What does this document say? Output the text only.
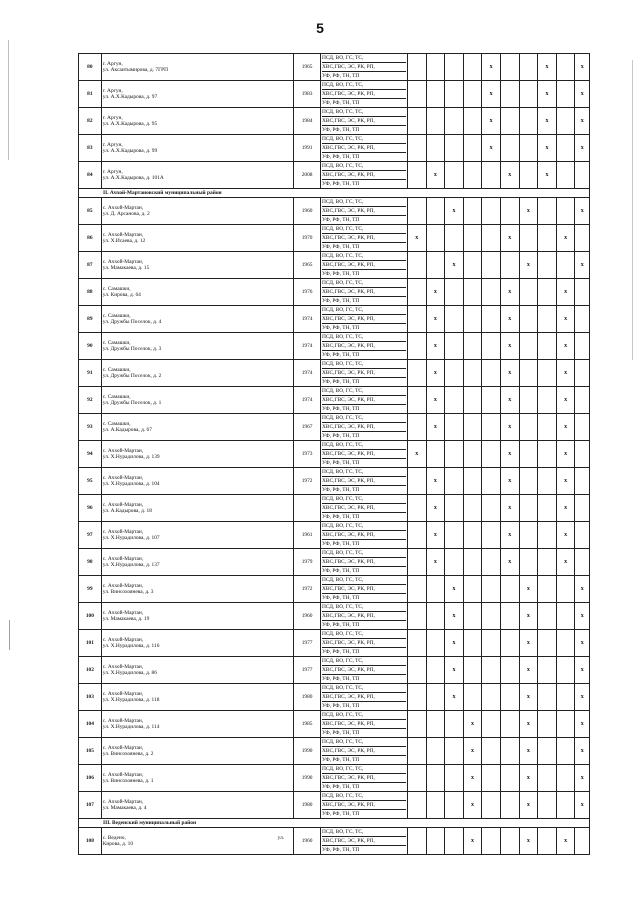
5
80	г. Аргун,
ул. Аксаитымирова, д. 7ГРП	1965	ПСД, ВО, ГС, ТС,
ХВС,ГВС, ЭС, РК, РП,
УФ, РФ, ТН, ТП					x			x		x
81	г. Аргун,
ул. А.Х.Кадырова, д. 97	1983	ПСД, ВО, ГС, ТС,
ХВС,ГВС, ЭС, РК, РП,
УФ, РФ, ТН, ТП					x			x		x
82	г. Аргун,
ул. А.Х.Кадырова, д. 95	1984	ПСД, ВО, ГС, ТС,
ХВС,ГВС, ЭС, РК, РП,
УФ, РФ, ТН, ТП					x			x		x
83	г. Аргун,
ул. А.Х.Кадырова, д. 99	1991	ПСД, ВО, ГС, ТС,
ХВС,ГВС, ЭС, РК, РП,
УФ, РФ, ТН, ТП					x			x		x
84	г. Аргун,
ул. А.Х.Кадырова, д. 101А	2008	ПСД, ВО, ГС, ТС,
ХВС,ГВС, ЭС, РК, РП,
УФ, РФ, ТН, ТП		x				x		x		
II. Ачхой-Мартановский муниципальный район													
85	с. Ачхой-Мартан,
ул. Д. Арсанова, д. 2	1960	ПСД, ВО, ГС, ТС,
ХВС,ГВС, ЭС, РК, РП,
УФ, РФ, ТН, ТП			x				x			x
86	с. Ачхой-Мартан,
ул. Х.Исаева, д. 12	1970	ПСД, ВО, ГС, ТС,
ХВС,ГВС, ЭС, РК, РП,
УФ, РФ, ТН, ТП	x					x			x	
87	с. Ачхой-Мартан,
ул. Мамакаева, д. 15	1965	ПСД, ВО, ГС, ТС,
ХВС,ГВС, ЭС, РК, РП,
УФ, РФ, ТН, ТП			x				x			x
88	с. Самашки,
ул. Кирова, д. 64	1976	ПСД, ВО, ГС, ТС,
ХВС,ГВС, ЭС, РК, РП,
УФ, РФ, ТН, ТП		x				x			x	
89	с. Самашки,
ул. Дружбы Поселок, д. 4	1974	ПСД, ВО, ГС, ТС,
ХВС,ГВС, ЭС, РК, РП,
УФ, РФ, ТН, ТП		x				x			x	
90	с. Самашки,
ул. Дружбы Поселок, д. 3	1974	ПСД, ВО, ГС, ТС,
ХВС,ГВС, ЭС, РК, РП,
УФ, РФ, ТН, ТП		x				x			x	
91	с. Самашки,
ул. Дружбы Поселок, д. 2	1974	ПСД, ВО, ГС, ТС,
ХВС,ГВС, ЭС, РК, РП,
УФ, РФ, ТН, ТП		x				x			x	
92	с. Самашки,
ул. Дружбы Поселок, д. 1	1974	ПСД, ВО, ГС, ТС,
ХВС,ГВС, ЭС, РК, РП,
УФ, РФ, ТН, ТП		x				x			x	
93	с. Самашки,
ул. А.Кадырова, д. 67	1967	ПСД, ВО, ГС, ТС,
ХВС,ГВС, ЭС, РК, РП,
УФ, РФ, ТН, ТП		x				x			x	
94	с. Ачхой-Мартан,
ул. Х.Нурадилова, д. 139	1973	ПСД, ВО, ГС, ТС,
ХВС,ГВС, ЭС, РК, РП,
УФ, РФ, ТН, ТП	x					x			x	
95	с. Ачхой-Мартан,
ул. Х.Нурадилова, д. 104	1972	ПСД, ВО, ГС, ТС,
ХВС,ГВС, ЭС, РК, РП,
УФ, РФ, ТН, ТП		x				x			x	
96	с. Ачхой-Мартан,
ул. А.Кадырова, д. 18		ПСД, ВО, ГС, ТС,
ХВС,ГВС, ЭС, РК, РП,
УФ, РФ, ТН, ТП		x				x			x	
97	с. Ачхой-Мартан,
ул. Х.Нурадилова, д. 107	1961	ПСД, ВО, ГС, ТС,
ХВС,ГВС, ЭС, РК, РП,
УФ, РФ, ТН, ТП		x				x			x	
98	с. Ачхой-Мартан,
ул. Х.Нурадилова, д. 137	1979	ПСД, ВО, ГС, ТС,
ХВС,ГВС, ЭС, РК, РП,
УФ, РФ, ТН, ТП		x				x			x	
99	с. Ачхой-Мартан,
ул. Винсохоянева, д. 3	1972	ПСД, ВО, ГС, ТС,
ХВС,ГВС, ЭС, РК, РП,
УФ, РФ, ТН, ТП			x				x			x
100	с. Ачхой-Мартан,
ул. Мамакаева, д. 19	1960	ПСД, ВО, ГС, ТС,
ХВС,ГВС, ЭС, РК, РП,
УФ, РФ, ТН, ТП			x				x			x
101	с. Ачхой-Мартан,
ул. Х.Нурадилова, д. 116	1977	ПСД, ВО, ГС, ТС,
ХВС,ГВС, ЭС, РК, РП,
УФ, РФ, ТН, ТП			x				x			x
102	с. Ачхой-Мартан,
ул. Х.Нурадилова, д. 86	1977	ПСД, ВО, ГС, ТС,
ХВС,ГВС, ЭС, РК, РП,
УФ, РФ, ТН, ТП			x				x			x
103	с. Ачхой-Мартан,
ул. Х.Нурадилова, д. 118	1980	ПСД, ВО, ГС, ТС,
ХВС,ГВС, ЭС, РК, РП,
УФ, РФ, ТН, ТП			x				x			x
104	с. Ачхой-Мартан,
ул. Х.Нурадилова, д. 114	1985	ПСД, ВО, ГС, ТС,
ХВС,ГВС, ЭС, РК, РП,
УФ, РФ, ТН, ТП				x			x			x
105	с. Ачхой-Мартан,
ул. Винсохоянева, д. 2	1990	ПСД, ВО, ГС, ТС,
ХВС,ГВС, ЭС, РК, РП,
УФ, РФ, ТН, ТП				x			x			x
106	с. Ачхой-Мартан,
ул. Винсохоянева, д. 1	1990	ПСД, ВО, ГС, ТС,
ХВС,ГВС, ЭС, РК, РП,
УФ, РФ, ТН, ТП				x			x			x
107	с. Ачхой-Мартан,
ул. Мамакаева, д. 4	1980	ПСД, ВО, ГС, ТС,
ХВС,ГВС, ЭС, РК, РП,
УФ, РФ, ТН, ТП				x			x			x
III. Веденский муниципальный район													
108	с. Ведено, ул.
Кирова, д. 10	1960	ПСД, ВО, ГС, ТС,
ХВС,ГВС, ЭС, РК, РП,
УФ, РФ, ТН, ТП				x			x		x	
